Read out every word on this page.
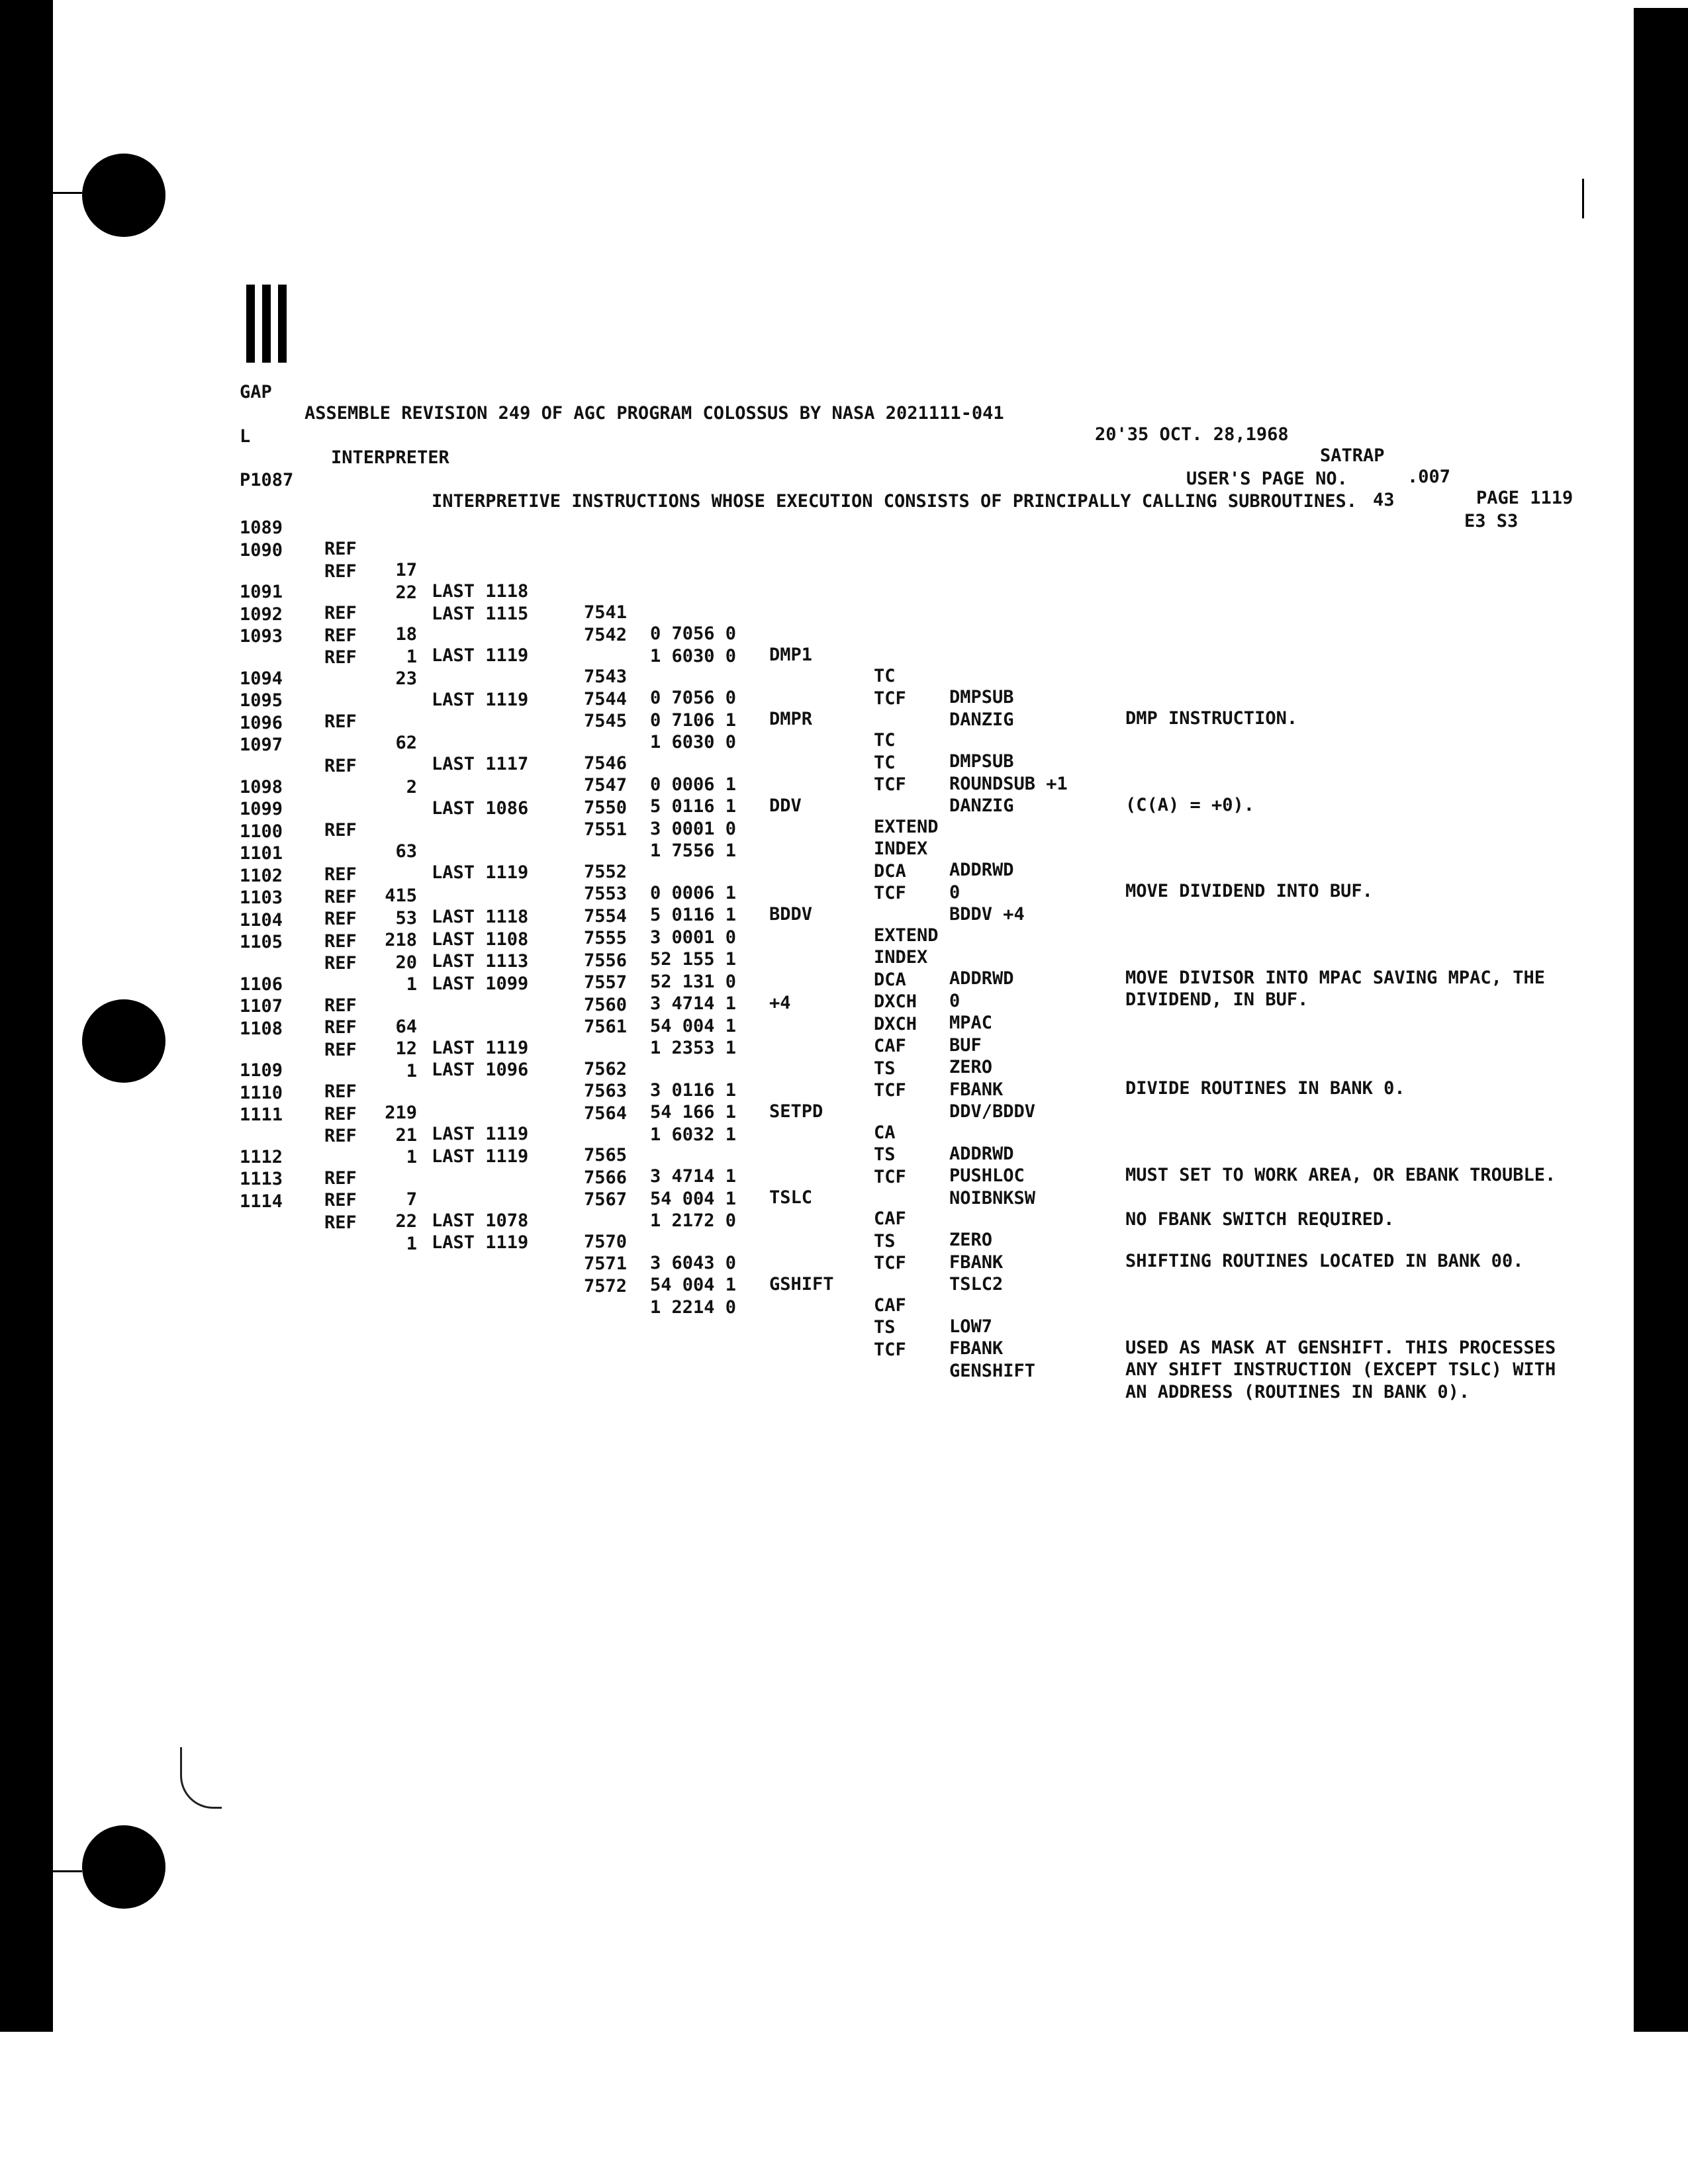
GAP

ASSEMBLE REVISION 249 OF AGC PROGRAM COLOSSUS BY NASA 2021111-041

20'35 OCT. 28,1968

SATRAP

.007

PAGE 1119

L

INTERPRETER

USER'S PAGE NO.

43

E3 S3

P1087

INTERPRETIVE INSTRUCTIONS WHOSE EXECUTION CONSISTS OF PRINCIPALLY CALLING SUBROUTINES.

1089

REF

17

LAST 1118

7541

0 7056 0

DMP1

TC

DMPSUB

DMP INSTRUCTION.

1090

REF

22

LAST 1115

7542

1 6030 0

TCF

DANZIG

1091

REF

18

LAST 1119

7543

0 7056 0

DMPR

TC

DMPSUB

1092

REF

1

7544

0 7106 1

TC

ROUNDSUB +1

(C(A) = +0).

1093

REF

23

LAST 1119

7545

1 6030 0

TCF

DANZIG

1094

7546

0 0006 1

DDV

EXTEND

1095

REF

62

LAST 1117

7547

5 0116 1

INDEX

ADDRWD

MOVE DIVIDEND INTO BUF.

1096

7550

3 0001 0

DCA

0

1097

REF

2

LAST 1086

7551

1 7556 1

TCF

BDDV +4

1098

7552

0 0006 1

BDDV

EXTEND

MOVE DIVISOR INTO MPAC SAVING MPAC, THE

1099

REF

63

LAST 1119

7553

5 0116 1

INDEX

ADDRWD

DIVIDEND, IN BUF.

1100

7554

3 0001 0

DCA

0

1101

REF

415

LAST 1118

7555

52 155 1

DXCH

MPAC

1102

REF

53

LAST 1108

7556

52 131 0

+4

DXCH

BUF

1103

REF

218

LAST 1113

7557

3 4714 1

CAF

ZERO

DIVIDE ROUTINES IN BANK 0.

1104

REF

20

LAST 1099

7560

54 004 1

TS

FBANK

1105

REF

1

7561

1 2353 1

TCF

DDV/BDDV

1106

REF

64

LAST 1119

7562

3 0116 1

SETPD

CA

ADDRWD

MUST SET TO WORK AREA, OR EBANK TROUBLE.

1107

REF

12

LAST 1096

7563

54 166 1

TS

PUSHLOC

1108

REF

1

7564

1 6032 1

TCF

NOIBNKSW

NO FBANK SWITCH REQUIRED.

1109

REF

219

LAST 1119

7565

3 4714 1

TSLC

CAF

ZERO

SHIFTING ROUTINES LOCATED IN BANK 00.

1110

REF

21

LAST 1119

7566

54 004 1

TS

FBANK

1111

REF

1

7567

1 2172 0

TCF

TSLC2

1112

REF

7

LAST 1078

7570

3 6043 0

GSHIFT

CAF

LOW7

USED AS MASK AT GENSHIFT. THIS PROCESSES

1113

REF

22

LAST 1119

7571

54 004 1

TS

FBANK

ANY SHIFT INSTRUCTION (EXCEPT TSLC) WITH

1114

REF

1

7572

1 2214 0

TCF

GENSHIFT

AN ADDRESS (ROUTINES IN BANK 0).
